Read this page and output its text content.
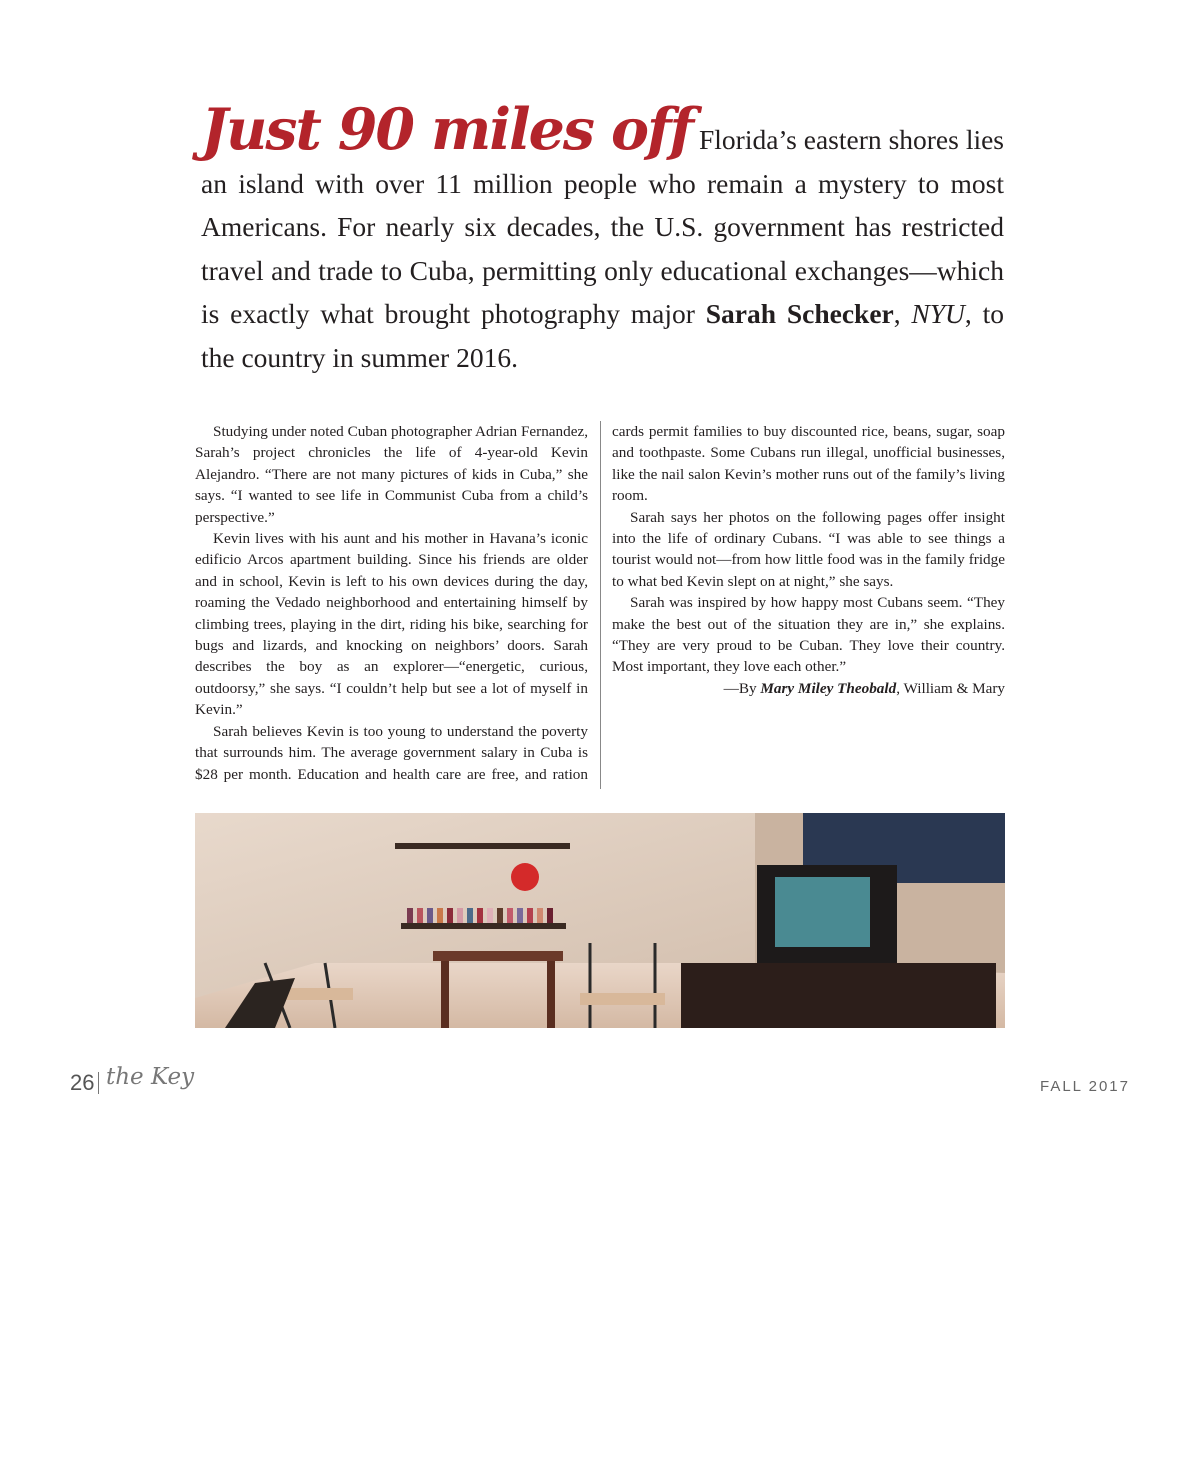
Just 90 miles off Florida’s eastern shores lies an island with over 11 million people who remain a mystery to most Americans. For nearly six decades, the U.S. government has restricted travel and trade to Cuba, permitting only educational exchanges—which is exactly what brought photography major Sarah Schecker, NYU, to the country in summer 2016.

Studying under noted Cuban photographer Adrian Fernandez, Sarah’s project chronicles the life of 4-year-old Kevin Alejandro. “There are not many pictures of kids in Cuba,” she says. “I wanted to see life in Communist Cuba from a child’s perspective.”

Kevin lives with his aunt and his mother in Havana’s iconic edificio Arcos apartment building. Since his friends are older and in school, Kevin is left to his own devices during the day, roaming the Vedado neighborhood and entertaining himself by climbing trees, playing in the dirt, riding his bike, searching for bugs and lizards, and knocking on neighbors’ doors. Sarah describes the boy as an explorer—“energetic, curious, outdoorsy,” she says. “I couldn’t help but see a lot of myself in Kevin.”

Sarah believes Kevin is too young to understand the poverty that surrounds him. The average government salary in Cuba is $28 per month. Education and health care are free, and ration cards permit families to buy discounted rice, beans, sugar, soap and toothpaste. Some Cubans run illegal, unofficial businesses, like the nail salon Kevin’s mother runs out of the family’s living room.

Sarah says her photos on the following pages offer insight into the life of ordinary Cubans. “I was able to see things a tourist would not—from how little food was in the family fridge to what bed Kevin slept on at night,” she says.

Sarah was inspired by how happy most Cubans seem. “They make the best out of the situation they are in,” she explains. “They are very proud to be Cuban. They love their country. Most important, they love each other.”

—By Mary Miley Theobald, William & Mary

26 the Key	FALL 2017
